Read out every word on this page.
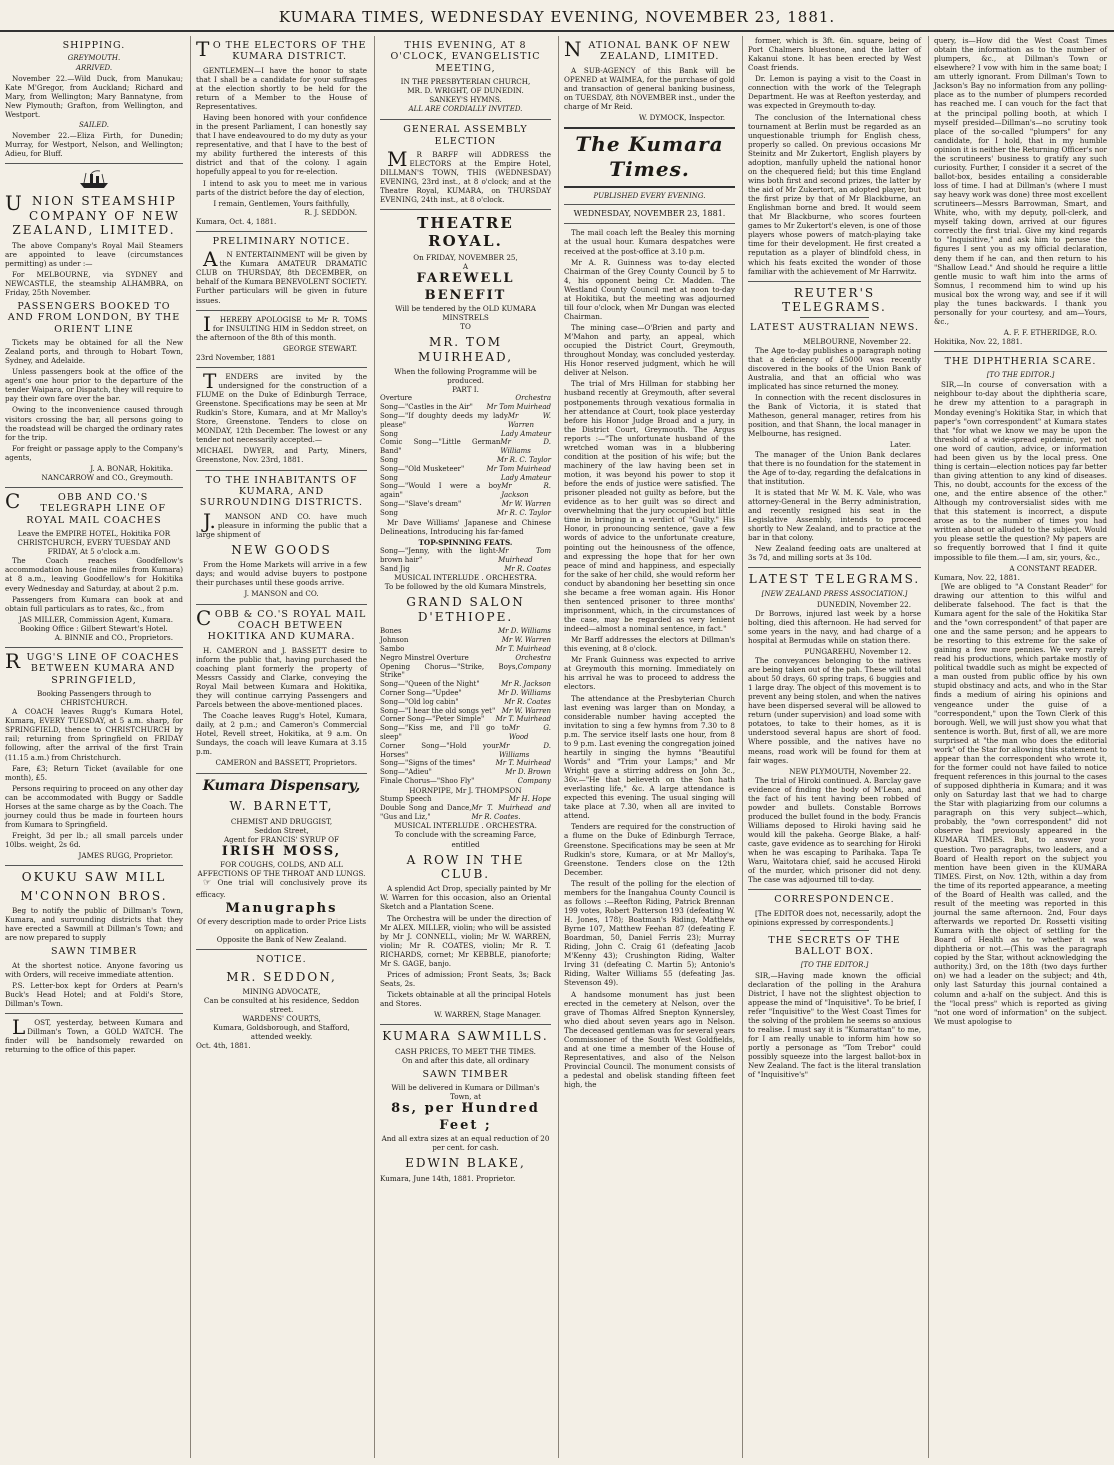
KUMARA TIMES, WEDNESDAY EVENING, NOVEMBER 23, 1881.
SHIPPING.
GREYMOUTH.
ARRIVED.

November 22.—Wild Duck, from Manukau; Kate M'Gregor, from Auckland; Richard and Mary, from Wellington; Mary Bannatyne, from New Plymouth; Grafton, from Wellington, and Westport.

SAILED.

November 22.—Eliza Firth, for Dunedin; Murray, for Westport, Nelson, and Wellington; Adieu, for Bluff.

UNION STEAMSHIP COMPANY OF NEW ZEALAND, LIMITED.

The above Company's Royal Mail Steamers are appointed to leave (circumstances permitting) as under :—

For MELBOURNE, via SYDNEY and NEWCASTLE, the steamship ALHAMBRA, on Friday, 25th November.

PASSENGERS BOOKED TO AND FROM LONDON, BY THE ORIENT LINE

Tickets may be obtained for all the New Zealand ports, and through to Hobart Town, Sydney, and Adelaide.

Unless passengers book at the office of the agent's one hour prior to the departure of the tender Waipara, or Dispatch, they will require to pay their own fare over the bar.

Owing to the inconvenience caused through visitors crossing the bar, all persons going to the roadstead will be charged the ordinary rates for the trip.

For freight or passage apply to the Company's agents,

J. A. BONAR, Hokitika.
NANCARROW and CO., Greymouth.
COBB AND CO.'S TELEGRAPH LINE OF ROYAL MAIL COACHES
Leave the EMPIRE HOTEL, Hokitika FOR CHRISTCHURCH, EVERY TUESDAY AND FRIDAY, At 5 o'clock a.m.

The Coach reaches Goodfellow's accommodation house (nine miles from Kumara) at 8 a.m., leaving Goodfellow's for Hokitika every Wednesday and Saturday, at about 2 p.m.

Passengers from Kumara can book at and obtain full particulars as to rates, &c., from

JAS MILLER, Commission Agent, Kumara.
Booking Office : Gilbert Stewart's Hotel.
A. BINNIE and CO., Proprietors.
RUGG'S LINE OF COACHES BETWEEN KUMARA AND SPRINGFIELD,
Booking Passengers through to CHRISTCHURCH.

A COACH leaves Rugg's Kumara Hotel, Kumara, EVERY TUESDAY, at 5 a.m. sharp, for SPRINGFIELD, thence to CHRISTCHURCH by rail; returning from Springfield on FRIDAY following, after the arrival of the first Train (11.15 a.m.) from Christchurch.

Fare, £3; Return Ticket (available for one month), £5.

Persons requiring to proceed on any other day can be accommodated with Buggy or Saddle Horses at the same charge as by the Coach. The journey could thus be made in fourteen hours from Kumara to Springfield.

Freight, 3d per lb.; all small parcels under 10lbs. weight, 2s 6d.

JAMES RUGG, Proprietor.
OKUKU SAW MILL
M'CONNON BROS.

Beg to notify the public of Dillman's Town, Kumara, and surrounding districts that they have erected a Sawmill at Dillman's Town; and are now prepared to supply

SAWN TIMBER

At the shortest notice. Anyone favoring us with Orders, will receive immediate attention.

P.S. Letter-box kept for Orders at Pearn's Buck's Head Hotel; and at Foldi's Store, Dillman's Town.

LOST, yesterday, between Kumara and Dillman's Town, a GOLD WATCH. The finder will be handsomely rewarded on returning to the office of this paper.

TO THE ELECTORS OF THE KUMARA DISTRICT.

GENTLEMEN—I have the honor to state that I shall be a candidate for your suffrages at the election shortly to be held for the return of a Member to the House of Representatives.

Having been honored with your confidence in the present Parliament, I can honestly say that I have endeavoured to do my duty as your representative, and that I have to the best of my ability furthered the interests of this district and that of the colony. I again hopefully appeal to you for re-election.

I intend to ask you to meet me in various parts of the district before the day of election,

I remain, Gentlemen, Yours faithfully,
R. J. SEDDON.
Kumara, Oct. 4, 1881.
PRELIMINARY NOTICE.

AN ENTERTAINMENT will be given by the Kumara AMATEUR DRAMATIC CLUB on THURSDAY, 8th DECEMBER, on behalf of the Kumara BENEVOLENT SOCIETY. Further particulars will be given in future issues.

IHEREBY APOLOGISE to Mr R. TOMS for INSULTING HIM in Seddon street, on the afternoon of the 8th of this month.

GEORGE STEWART.
23rd November, 1881

TENDERS are invited by the undersigned for the construction of a FLUME on the Duke of Edinburgh Terrace, Greenstone. Specifications may be seen at Mr Rudkin's Store, Kumara, and at Mr Malloy's Store, Greenstone. Tenders to close on MONDAY, 12th December. The lowest or any tender not necessarily accepted.—

MICHAEL DWYER, and Party, Miners, Greenstone, Nov. 23rd, 1881.
TO THE INHABITANTS OF KUMARA, AND SURROUNDING DISTRICTS.

J.MANSON AND CO. have much pleasure in informing the public that a large shipment of

NEW GOODS

From the Home Markets will arrive in a few days; and would advise buyers to postpone their purchases until these goods arrive.

J. MANSON and CO.
COBB & CO.'S ROYAL MAIL COACH BETWEEN HOKITIKA AND KUMARA.

H. CAMERON and J. BASSETT desire to inform the public that, having purchased the coaching plant formerly the property of Messrs Cassidy and Clarke, conveying the Royal Mail between Kumara and Hokitika, they will continue carrying Passengers and Parcels between the above-mentioned places.

The Coache leaves Rugg's Hotel, Kumara, daily, at 2 p.m.; and Cameron's Commercial Hotel, Revell street, Hokitika, at 9 a.m. On Sundays, the coach will leave Kumara at 3.15 p.m.

CAMERON and BASSETT, Proprietors.
Kumara Dispensary,
W. BARNETT,
CHEMIST AND DRUGGIST,
Seddon Street,
Agent for FRANCIS' SYRUP OF
IRISH MOSS,
FOR COUGHS, COLDS, AND ALL AFFECTIONS OF THE THROAT AND LUNGS.

☞ One trial will conclusively prove its efficacy.

Manugraphs
Of every description made to order Price Lists on application.
Opposite the Bank of New Zealand.
NOTICE.
MR. SEDDON,
MINING ADVOCATE,
Can be consulted at his residence, Seddon street.
WARDENS' COURTS,
Kumara, Goldsborough, and Stafford, attended weekly.
Oct. 4th, 1881.
THIS EVENING, AT 8 O'CLOCK, EVANGELISTIC MEETING,
IN THE PRESBYTERIAN CHURCH,
MR. D. WRIGHT, OF DUNEDIN.
SANKEY'S HYMNS.
ALL ARE CORDIALLY INVITED.
GENERAL ASSEMBLY ELECTION

MR BARFF will ADDRESS the ELECTORS at the Empire Hotel, DILLMAN'S TOWN, THIS (WEDNESDAY) EVENING, 23rd inst., at 8 o'clock; and at the Theatre Royal, KUMARA, on THURSDAY EVENING, 24th inst., at 8 o'clock.

THEATRE ROYAL.
On FRIDAY, NOVEMBER 25,
A
FAREWELL BENEFIT
Will be tendered by the OLD KUMARA MINSTRELS
TO
MR. TOM MUIRHEAD,
When the following Programme will be produced.
PART I.
Overture	Orchestra
Song—"Castles in the Air" Mr Tom Muirhead
Song—"If doughty deeds my lady please"
Mr W. Warren
Song	Lady Amateur
Comic Song—"Little German Band"
Mr D. Williams
Song	Mr R. C. Taylor
Song—"Old Musketeer"	Mr Tom Muirhead
Song	Lady Amateur
Song—"Would I were a boy again"
Mr R. Jackson
Song—"Slave's dream"	Mr W. Warren
Song	Mr R. C. Taylor

Mr Dave Williams' Japanese and Chinese Delineations, Introducing his far-famed

TOP-SPINNING FEATS.
Song—"Jenny, with the light-brown hair"
Mr Tom Muirhead
Sand Jig	Mr R. Coates
MUSICAL INTERLUDE . ORCHESTRA.
To be followed by the old Kumara Minstrels,
GRAND SALON D'ETHIOPE.
Bones	Mr D. Williams
Johnson	Mr W. Warren
Sambo	Mr T. Muirhead
Negro Minstrel Overture	Orchestra
Opening Chorus—"Strike, Boys, Strike"
Company
Song—"Queen of the Night"	Mr R. Jackson
Corner Song—"Updee"	Mr D. Williams
Song—"Old log cabin"	Mr R. Coates
Song—"I hear the old songs yet" Mr W. Warren
Corner Song—"Peter Simple" Mr T. Muirhead
Song—"Kiss me, and I'll go to sleep"
Mr G. Wood
Corner Song—"Hold your Horses"
Mr D. Williams
Song—"Signs of the times"	Mr T. Muirhead
Song—"Adieu"	Mr D. Brown
Finale Chorus—"Shoo Fly"	Company
HORNPIPE, Mr J. THOMPSON
Stump Speech	Mr H. Hope
Double Song and Dance, "Gus and Liz,"
Mr T. Muirhead and Mr R. Coates.
MUSICAL INTERLUDE . ORCHESTRA.
To conclude with the screaming Farce, entitled
A ROW IN THE CLUB.

A splendid Act Drop, specially painted by Mr W. Warren for this occasion, also an Oriental Sketch and a Plantation Scene.

The Orchestra will be under the direction of Mr ALEX. MILLER, violin; who will be assisted by Mr J. CONNELL, violin; Mr W. WARREN, violin; Mr R. COATES, violin; Mr R. T. RICHARDS, cornet; Mr KEBBLE, pianoforte; Mr S. GAGE, banjo.

Prices of admission; Front Seats, 3s; Back Seats, 2s.

Tickets obtainable at all the principal Hotels and Stores.

W. WARREN, Stage Manager.
KUMARA SAWMILLS.
CASH PRICES, TO MEET THE TIMES.
On and after this date, all ordinary
SAWN TIMBER
Will be delivered in Kumara or Dillman's Town, at
8s, per Hundred Feet ;
And all extra sizes at an equal reduction of 20 per cent. for cash.
EDWIN BLAKE,
Kumara, June 14th, 1881. Proprietor.
NATIONAL BANK OF NEW ZEALAND, LIMITED.

A SUB-AGENCY of this Bank will be OPENED at WAIMEA, for the purchase of gold and transaction of general banking business, on TUESDAY, 8th NOVEMBER inst., under the charge of Mr Reid.

W. DYMOCK, Inspector.
The Kumara Times.
PUBLISHED EVERY EVENING.
WEDNESDAY, NOVEMBER 23, 1881.

The mail coach left the Bealey this morning at the usual hour. Kumara despatches were received at the post-office at 3.10 p.m.

Mr A. R. Guinness was to-day elected Chairman of the Grey County Council by 5 to 4, his opponent being Cr. Madden. The Westland County Council met at noon to-day at Hokitika, but the meeting was adjourned till four o'clock, when Mr Dungan was elected Chairman.

The mining case—O'Brien and party and M'Mahon and party, an appeal, which occupied the District Court, Greymouth, throughout Monday, was concluded yesterday. His Honor reserved judgment, which he will deliver at Nelson.

The trial of Mrs Hillman for stabbing her husband recently at Greymouth, after several postponements through vexatious formalia in her attendance at Court, took place yesterday before his Honor Judge Broad and a jury, in the District Court, Greymouth. The Argus reports :—"The unfortunate husband of the wretched woman was in a blubbering condition at the position of his wife; but the machinery of the law having been set in motion, it was beyond his power to stop it before the ends of justice were satisfied. The prisoner pleaded not guilty as before, but the evidence as to her guilt was so direct and overwhelming that the jury occupied but little time in bringing in a verdict of "Guilty." His Honor, in pronouncing sentence, gave a few words of advice to the unfortunate creature, pointing out the heinousness of the offence, and expressing the hope that for her own peace of mind and happiness, and especially for the sake of her child, she would reform her conduct by abandoning her besetting sin once she became a free woman again. His Honor then sentenced prisoner to three months' imprisonment, which, in the circumstances of the case, may be regarded as very lenient indeed—almost a nominal sentence, in fact."

Mr Barff addresses the electors at Dillman's this evening, at 8 o'clock.

Mr Frank Guinness was expected to arrive at Greymouth this morning. Immediately on his arrival he was to proceed to address the electors.

The attendance at the Presbyterian Church last evening was larger than on Monday, a considerable number having accepted the invitation to sing a few hymns from 7.30 to 8 p.m. The service itself lasts one hour, from 8 to 9 p.m. Last evening the congregation joined heartily in singing the hymns "Beautiful Words" and "Trim your Lamps;" and Mr Wright gave a stirring address on John 3c., 36v.—"He that believeth on the Son hath everlasting life," &c. A large attendance is expected this evening. The usual singing will take place at 7.30, when all are invited to attend.

Tenders are required for the construction of a flume on the Duke of Edinburgh Terrace, Greenstone. Specifications may be seen at Mr Rudkin's store, Kumara, or at Mr Malloy's, Greenstone. Tenders close on the 12th December.

The result of the polling for the election of members for the Inangahua County Council is as follows :—Reefton Riding, Patrick Brennan 199 votes, Robert Patterson 193 (defeating W. H. Jones, 178); Boatman's Riding, Matthew Byrne 107, Matthew Feehan 87 (defeating F. Boardman, 50, Daniel Ferris 23); Murray Riding, John C. Craig 61 (defeating Jacob M'Kenny 43); Crushington Riding, Walter Irving 31 (defeating C. Martin 5); Antonio's Riding, Walter Williams 55 (defeating Jas. Stevenson 49).

A handsome monument has just been erected in the cemetery at Nelson, over the grave of Thomas Alfred Snepton Kynnersley, who died about seven years ago in Nelson. The deceased gentleman was for several years Commissioner of the South West Goldfields, and at one time a member of the House of Representatives, and also of the Nelson Provincial Council. The monument consists of a pedestal and obelisk standing fifteen feet high, the

former, which is 3ft. 6in. square, being of Port Chalmers bluestone, and the latter of Kakanui stone. It has been erected by West Coast friends.

Dr. Lemon is paying a visit to the Coast in connection with the work of the Telegraph Department. He was at Reefton yesterday, and was expected in Greymouth to-day.

The conclusion of the International chess tournament at Berlin must be regarded as an unquestionable triumph for English chess, properly so called. On previous occasions Mr Steinitz and Mr Zukertort, English players by adoption, manfully upheld the national honor on the chequered field; but this time England wins both first and second prizes, the latter by the aid of Mr Zukertort, an adopted player, but the first prize by that of Mr Blackburne, an Englishman borne and bred. It would seem that Mr Blackburne, who scores fourteen games to Mr Zukertort's eleven, is one of those players whose powers of match-playing take time for their development. He first created a reputation as a player of blindfold chess, in which his feats excited the wonder of those familiar with the achievement of Mr Harrwitz.

REUTER'S TELEGRAMS.
LATEST AUSTRALIAN NEWS.
MELBOURNE, November 22.

The Age to-day publishes a paragraph noting that a deficiency of £5000 was recently discovered in the books of the Union Bank of Australia, and that an official who was implicated has since returned the money.

In connection with the recent disclosures in the Bank of Victoria, it is stated that Matheson, general manager, retires from his position, and that Shann, the local manager in Melbourne, has resigned.

Later.

The manager of the Union Bank declares that there is no foundation for the statement in the Age of to-day, regarding the defalcations in that institution.

It is stated that Mr W. M. K. Vale, who was attorney-General in the Berry administration, and recently resigned his seat in the Legislative Assembly, intends to proceed shortly to New Zealand, and to practice at the bar in that colony.

New Zealand feeding oats are unaltered at 3s 7d, and milling sorts at 3s 10d.

LATEST TELEGRAMS.
[NEW ZEALAND PRESS ASSOCIATION.]
DUNEDIN, November 22.

Dr Borrows, injured last week by a horse bolting, died this afternoon. He had served for some years in the navy, and had charge of a hospital at Bermudas while on station there.

PUNGAREHU, November 12.

The conveyances belonging to the natives are being taken out of the pah. These will total about 50 drays, 60 spring traps, 6 buggies and 1 large dray. The object of this movement is to prevent any being stolen, and when the natives have been dispersed several will be allowed to return (under supervision) and load some with potatoes, to take to their homes, as it is understood several hapus are short of food. Where possible, and the natives have no means, road work will be found for them at fair wages.

NEW PLYMOUTH, November 22.

The trial of Hiroki continued. A. Barclay gave evidence of finding the body of M'Lean, and the fact of his tent having been robbed of powder and bullets. Constable Borrows produced the bullet found in the body. Francis Williams deposed to Hiroki having said he would kill the pakeha. George Blake, a half-caste, gave evidence as to searching for Hiroki when he was escaping to Parihaka. Tapa Te Waru, Waitotara chief, said he accused Hiroki of the murder, which prisoner did not deny. The case was adjourned till to-day.

CORRESPONDENCE.

[The EDITOR does not, necessarily, adopt the opinions expressed by correspondents.]

THE SECRETS OF THE BALLOT BOX.
[TO THE EDITOR.]

SIR,—Having made known the official declaration of the polling in the Arahura District, I have not the slightest objection to appease the mind of "Inquisitive". To be brief, I refer "Inquisitive" to the West Coast Times for the solving of the problem he seems so anxious to realise. I must say it is "Kumarattan" to me, for I am really unable to inform him how so portly a personage as "Tom Trebor" could possibly squeeze into the largest ballot-box in New Zealand. The fact is the literal translation of "Inquisitive's"

query, is—How did the West Coast Times obtain the information as to the number of plumpers, &c., at Dillman's Town or elsewhere? I vow with him in the same boat; I am utterly ignorant. From Dillman's Town to Jackson's Bay no information from any polling-place as to the number of plumpers recorded has reached me. I can vouch for the fact that at the principal polling booth, at which I myself presided—Dillman's—no scrutiny took place of the so-called "plumpers" for any candidate, for I hold, that in my humble opinion it is neither the Returning Officer's nor the scrutineers' business to gratify any such curiosity. Further, I consider it a secret of the ballot-box, besides entailing a considerable loss of time. I had at Dillman's (where I must say heavy work was done) three most excellent scrutineers—Messrs Barrowman, Smart, and White, who, with my deputy, poll-clerk, and myself taking down, arrived at our figures correctly the first trial. Give my kind regards to "Inquisitive," and ask him to peruse the figures I sent you as my official declaration, deny them if he can, and then return to his "Shallow Lead." And should he require a little gentle music to waft him into the arms of Somnus, I recommend him to wind up his musical box the wrong way, and see if it will play the tunes backwards. I thank you personally for your courtesy, and am—Yours, &c.,

A. F. F. ETHERIDGE, R.O.
Hokitika, Nov. 22, 1881.
THE DIPHTHERIA SCARE.
[TO THE EDITOR.]

SIR,—In course of conversation with a neighbour to-day about the diphtheria scare, he drew my attention to a paragraph in Monday evening's Hokitika Star, in which that paper's "own correspondent" at Kumara states that "for what we know we may be upon the threshold of a wide-spread epidemic, yet not one word of caution, advice, or information had been given us by the local press. One thing is certain—election notices pay far better than giving attention to any kind of diseases. This, no doubt, accounts for the excess of the one, and the entire absence of the other." Although my controversialist sides with me that this statement is incorrect, a dispute arose as to the number of times you had written about or alluded to the subject. Would you please settle the question? My papers are so frequently borrowed that I find it quite impossible to file them.—I am, sir, yours, &c.,

A CONSTANT READER.
Kumara, Nov. 22, 1881.

[We are obliged to "A Constant Reader" for drawing our attention to this wilful and deliberate falsehood. The fact is that the Kumara agent for the sale of the Hokitika Star and the "own correspondent" of that paper are one and the same person; and he appears to be resorting to this extreme for the sake of gaining a few more pennies. We very rarely read his productions, which partake mostly of political twaddle such as might be expected of a man ousted from public office by his own stupid obstinacy and acts, and who in the Star finds a medium of airing his opinions and vengeance under the guise of a "correspondent," upon the Town Clerk of this borough. Well, we will just show you what that sentence is worth. But, first of all, we are more surprised at "the man who does the editorial work" of the Star for allowing this statement to appear than the correspondent who wrote it, for the former could not have failed to notice frequent references in this journal to the cases of supposed diphtheria in Kumara; and it was only on Saturday last that we had to charge the Star with plagiarizing from our columns a paragraph on this very subject—which, probably, the "own correspondent" did not observe had previously appeared in the KUMARA TIMES. But, to answer your question. Two paragraphs, two leaders, and a Board of Health report on the subject you mention have been given in the KUMARA TIMES. First, on Nov. 12th, within a day from the time of its reported appearance, a meeting of the Board of Health was called, and the result of the meeting was reported in this journal the same afternoon. 2nd, Four days afterwards we reported Dr. Rossetti visiting Kumara with the object of settling for the Board of Health as to whether it was diphtheria or not.—(This was the paragraph copied by the Star, without acknowledging the authority.) 3rd, on the 18th (two days further on) we had a leader on the subject; and 4th, only last Saturday this journal contained a column and a-half on the subject. And this is the "local press" which is reported as giving "not one word of information" on the subject. We must apologise to
